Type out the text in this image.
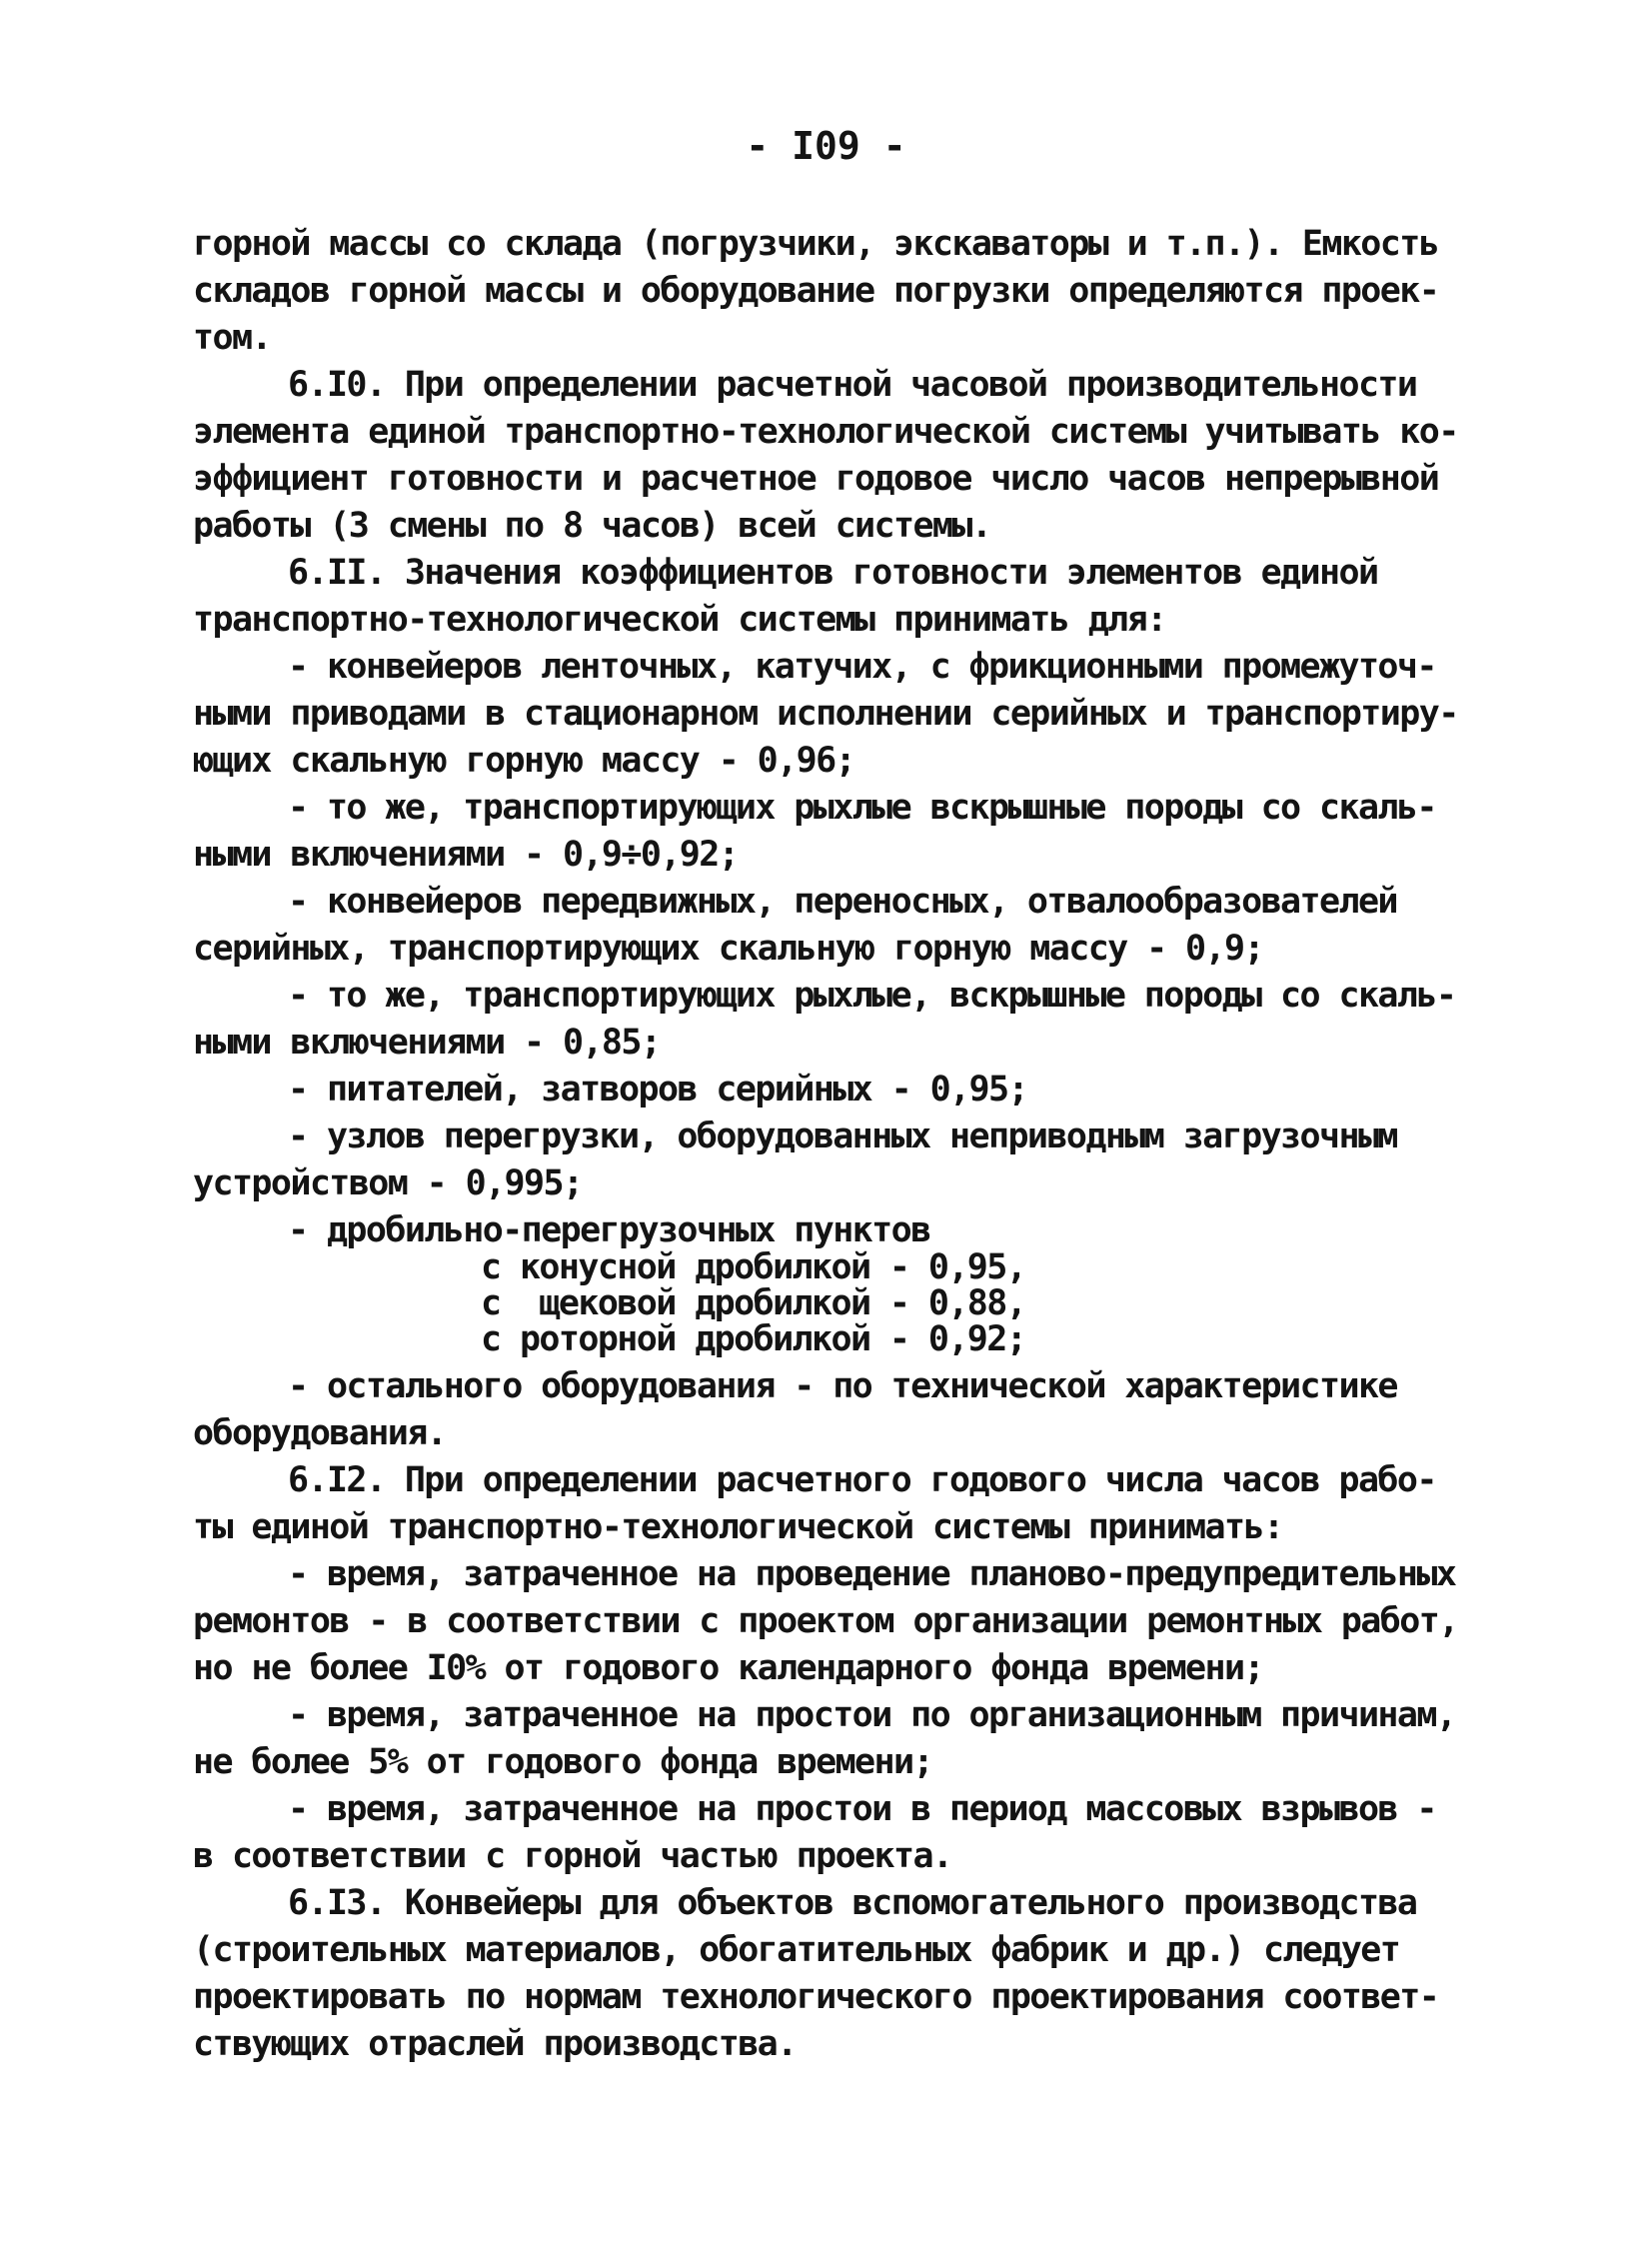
- I09 -
горной массы со склада (погрузчики, экскаваторы и т.п.). Емкость
складов горной массы и оборудование погрузки определяются проек-
том.
6.I0. При определении расчетной часовой производительности
элемента единой транспортно-технологической системы учитывать ко-
эффициент готовности и расчетное годовое число часов непрерывной
работы (3 смены по 8 часов) всей системы.
6.II. Значения коэффициентов готовности элементов единой
транспортно-технологической системы принимать для:
- конвейеров ленточных, катучих, с фрикционными промежуточ-
ными приводами в стационарном исполнении серийных и транспортиру-
ющих скальную горную массу - 0,96;
- то же, транспортирующих рыхлые вскрышные породы со скаль-
ными включениями - 0,9÷0,92;
- конвейеров передвижных, переносных, отвалообразователей
серийных, транспортирующих скальную горную массу - 0,9;
- то же, транспортирующих рыхлые, вскрышные породы со скаль-
ными включениями - 0,85;
- питателей, затворов серийных - 0,95;
- узлов перегрузки, оборудованных неприводным загрузочным
устройством - 0,995;
- дробильно-перегрузочных пунктов
с конусной дробилкой - 0,95,
с  щековой дробилкой - 0,88,
с роторной дробилкой - 0,92;
- остального оборудования - по технической характеристике
оборудования.
6.I2. При определении расчетного годового числа часов рабо-
ты единой транспортно-технологической системы принимать:
- время, затраченное на проведение планово-предупредительных
ремонтов - в соответствии с проектом организации ремонтных работ,
но не более I0% от годового календарного фонда времени;
- время, затраченное на простои по организационным причинам,
не более 5% от годового фонда времени;
- время, затраченное на простои в период массовых взрывов -
в соответствии с горной частью проекта.
6.I3. Конвейеры для объектов вспомогательного производства
(строительных материалов, обогатительных фабрик и др.) следует
проектировать по нормам технологического проектирования соответ-
ствующих отраслей производства.
